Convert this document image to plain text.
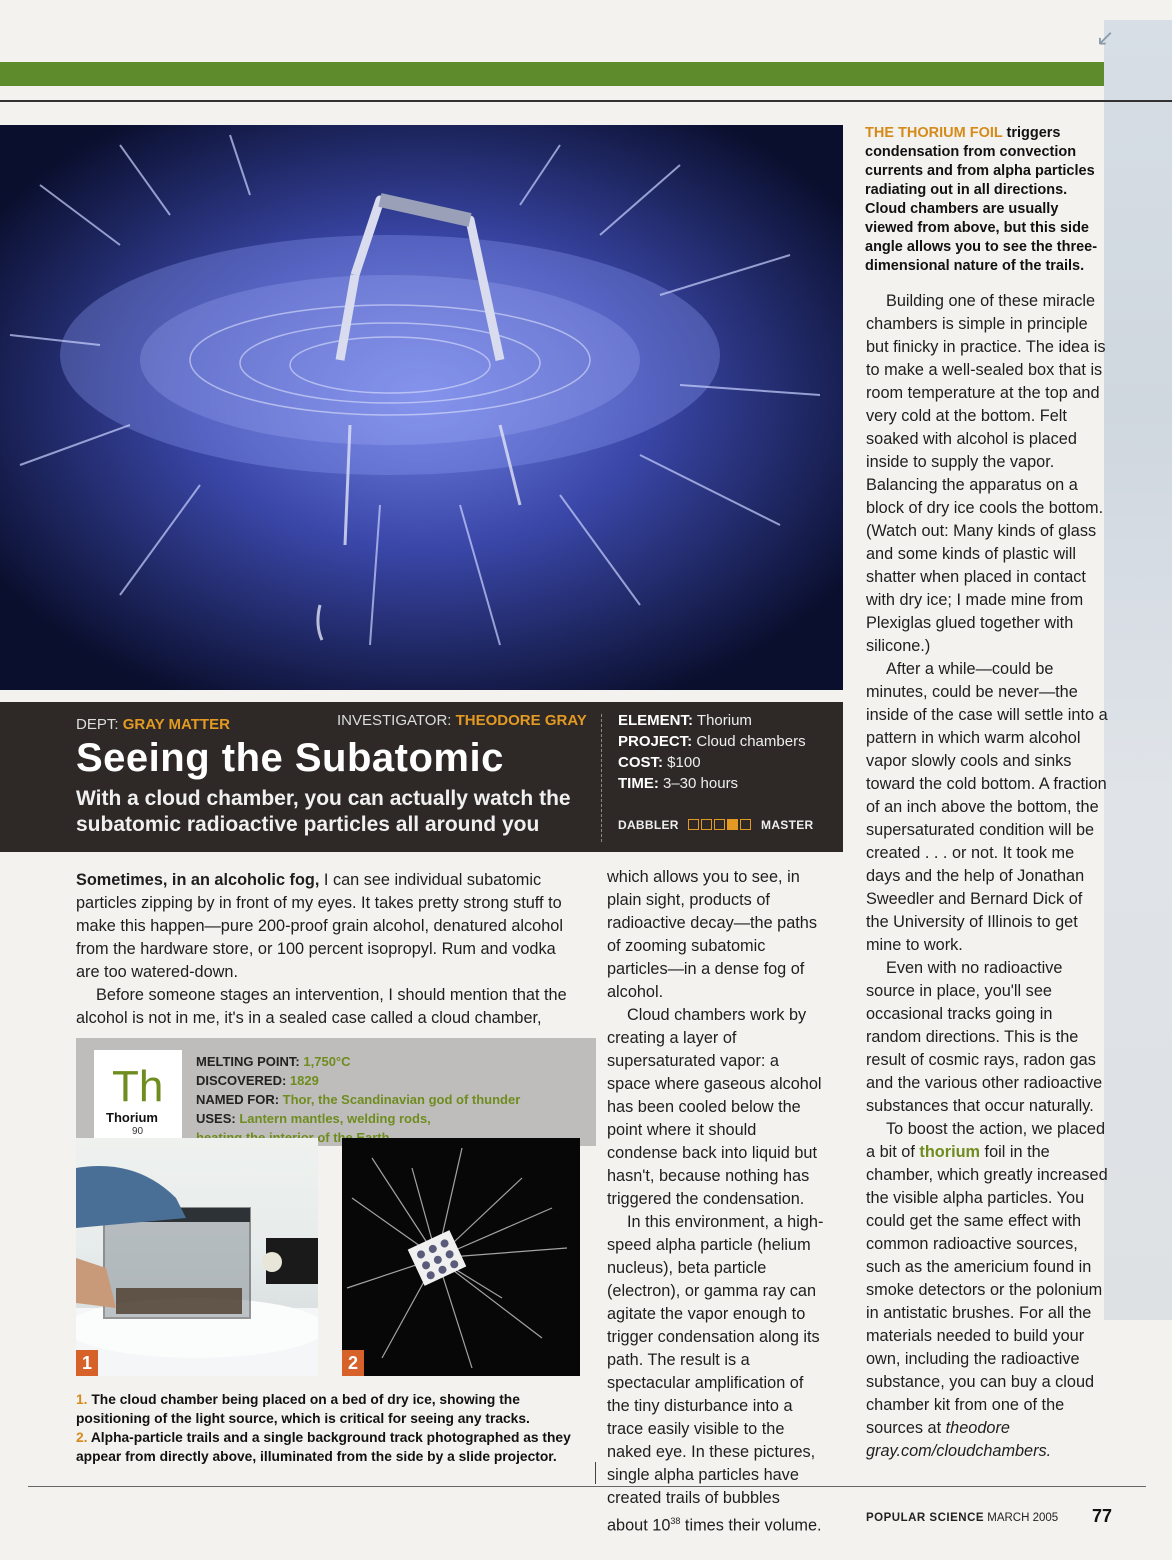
↙
THE THORIUM FOIL triggers condensation from convection currents and from alpha particles radiating out in all directions. Cloud chambers are usually viewed from above, but this side angle allows you to see the three-dimensional nature of the trails.
DEPT: GRAY MATTER	INVESTIGATOR: THEODORE GRAY
Seeing the Subatomic
With a cloud chamber, you can actually watch the subatomic radioactive particles all around you
ELEMENT: Thorium
PROJECT: Cloud chambers
COST: $100
TIME: 3–30 hours
DABBLER	MASTER

Sometimes, in an alcoholic fog, I can see individual subatomic particles zipping by in front of my eyes. It takes pretty strong stuff to make this happen—pure 200-proof grain alcohol, denatured alcohol from the hardware store, or 100 percent isopropyl. Rum and vodka are too watered-down.

Before someone stages an intervention, I should mention that the alcohol is not in me, it's in a sealed case called a cloud chamber,

Th
Thorium
90
MELTING POINT: 1,750°C
DISCOVERED: 1829
NAMED FOR: Thor, the Scandinavian god of thunder
USES: Lantern mantles, welding rods, of
1	2
1. The cloud chamber being placed on a bed of dry ice, showing the positioning of the light source, which is critical for seeing any tracks.
2. Alpha-particle trails and a single background track photographed as they appear from directly above, illuminated from the side by a slide projector.

which allows you to see, in plain sight, products of radioactive decay—the paths of zooming subatomic particles—in a dense fog of alcohol.

Cloud chambers work by creating a layer of supersaturated vapor: a space where gaseous alcohol has been cooled below the point where it should condense back into liquid but hasn't, because nothing has triggered the condensation.

In this environment, a high-speed alpha particle (helium nucleus), beta particle (electron), or gamma ray can agitate the vapor enough to trigger condensation along its path. The result is a spectacular amplification of the tiny disturbance into a trace easily visible to the naked eye. In these pictures, single alpha particles have created trails of bubbles about $10^{38}$ times their volume.

Building one of these miracle chambers is simple in principle but finicky in practice. The idea is to make a well-sealed box that is room temperature at the top and very cold at the bottom. Felt soaked with alcohol is placed inside to supply the vapor. Balancing the apparatus on a block of dry ice cools the bottom. (Watch out: Many kinds of glass and some kinds of plastic will shatter when placed in contact with dry ice; I made mine from Plexiglas glued together with silicone.)

After a while—could be minutes, could be never—the inside of the case will settle into a pattern in which warm alcohol vapor slowly cools and sinks toward the cold bottom. A fraction of an inch above the bottom, the supersaturated condition will be created . . . or not. It took me days and the help of Jonathan Sweedler and Bernard Dick of the University of Illinois to get mine to work.

Even with no radioactive source in place, you'll see occasional tracks going in random directions. This is the result of cosmic rays, radon gas and the various other radioactive substances that occur naturally.

To boost the action, we placed a bit of thorium foil in the chamber, which greatly increased the visible alpha particles. You could get the same effect with common radioactive sources, such as the americium found in smoke detectors or the polonium in antistatic brushes. For all the materials needed to build your own, including the radioactive substance, you can buy a cloud chamber kit from one of the sources at theodore gray.com/cloudchambers.

POPULAR SCIENCE MARCH 2005 77
